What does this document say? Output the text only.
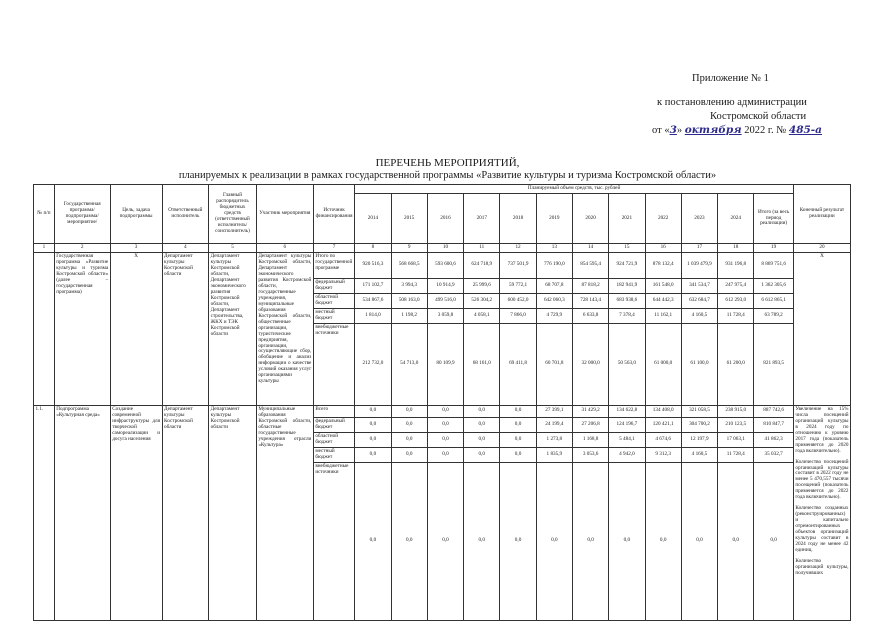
Приложение № 1
к постановлению администрации
Костромской области
от «3» октября 2022 г. № 485-а
ПЕРЕЧЕНЬ МЕРОПРИЯТИЙ,
планируемых к реализации в рамках государственной программы «Развитие культуры и туризма Костромской области»
№ п/п	Государственная программа/ подпрограмма/ мероприятие/	Цель, задача подпрограммы	Ответственный исполнитель	Главный распорядитель бюджетных средств (ответственный исполнитель/соисполнитель)	Участник мероприятия	Источник финансирования	Планируемый объем средств, тыс. рублей												Конечный результат реализации
							2014	2015	2016	2017	2018	2019	2020	2021	2022	2023	2024	Итого (за весь период реализации)	
1	2	3	4	5	6	7	8	9	10	11	12	13	14	15	16	17	18	19	20
	Государственная программа «Развитие культуры и туризма Костромской области» (далее – государственная программа)	X	Департамент культуры Костромской области	Департамент культуры Костромской области, Департамент экономического развития Костромской области, Департамент строительства, ЖКХ и ТЭК Костромской области	Департамент культуры Костромской области, Департамент экономического развития Костромской области, государственные учреждения, муниципальные образования Костромской области, общественные организации, туристические предприятия, организации, осуществляющие сбор, обобщение и анализ информации о качестве условий оказания услуг организациями культуры	Итого по государственной программе	920 516,3	568 668,5	593 600,6	624 718,9	737 501,9	776 190,0	854 595,4	924 721,9	878 132,4	1 039 479,9	931 196,8	8 869 751,6	X
						федеральный бюджет	171 102,7	3 994,3	10 914,9	25 999,6	59 772,1	68 707,8	87 818,2	182 941,9	161 548,0	341 534,7	247 975,4	1 362 305,6	
						областной бюджет	534 867,6	508 163,0	499 516,0	526 304,2	600 452,0	642 060,3	728 143,4	683 938,6	644 442,3	632 684,7	612 293,0	6 612 865,1	
						местный бюджет	1 814,0	1 198,2	3 059,8	4 058,1	7 866,0	4 729,9	6 633,8	7 378,4	11 162,1	4 160,5	11 728,4	63 789,2	
						внебюджетные источники	212 732,0	54 713,0	80 109,9	68 161,0	69 411,8	60 701,8	32 000,0	50 563,0	61 000,0	61 100,0	61 200,0	821 893,5	
1.1.	Подпрограмма «Культурная среда»	Создание современной инфраструктуры для творческой самореализации и досуга населения	Департамент культуры Костромской области	Департамент культуры Костромской области	Муниципальные образования Костромской области, областные государственные учреждения отрасли «Культура»	Всего	0,0	0,0	0,0	0,0	0,0	27 399,1	31 429,2	134 622,8	134 408,0	321 058,5	238 915,0	887 742,6	Увеличение на 15% числа посещений организаций культуры в 2024 году по отношению к уровню 2017 года (показатель применяется до 2020 года включительно).
Количество посещений организаций культуры составит в 2022 году не менее 5 470,557 тысячи посещений (показатель применяется до 2022 года включительно).
Количество созданных (реконструированных) и капитально отремонтированных объектов организаций культуры составит в 2024 году не менее 42 единиц.
Количество организаций культуры, получивших

						федеральный бюджет	0,0	0,0	0,0	0,0	0,0	24 199,4	27 206,8	124 196,7	120 421,1	304 700,2	210 123,5	810 847,7	
						областной бюджет	0,0	0,0	0,0	0,0	0,0	1 273,8	1 168,8	5 484,1	4 674,6	12 197,9	17 063,1	41 862,3	
						местный бюджет	0,0	0,0	0,0	0,0	0,0	1 835,9	3 053,6	4 942,0	9 312,3	4 160,5	11 728,4	35 032,7	
						внебюджетные источники	0,0	0,0	0,0	0,0	0,0	0,0	0,0	0,0	0,0	0,0	0,0	0,0	
